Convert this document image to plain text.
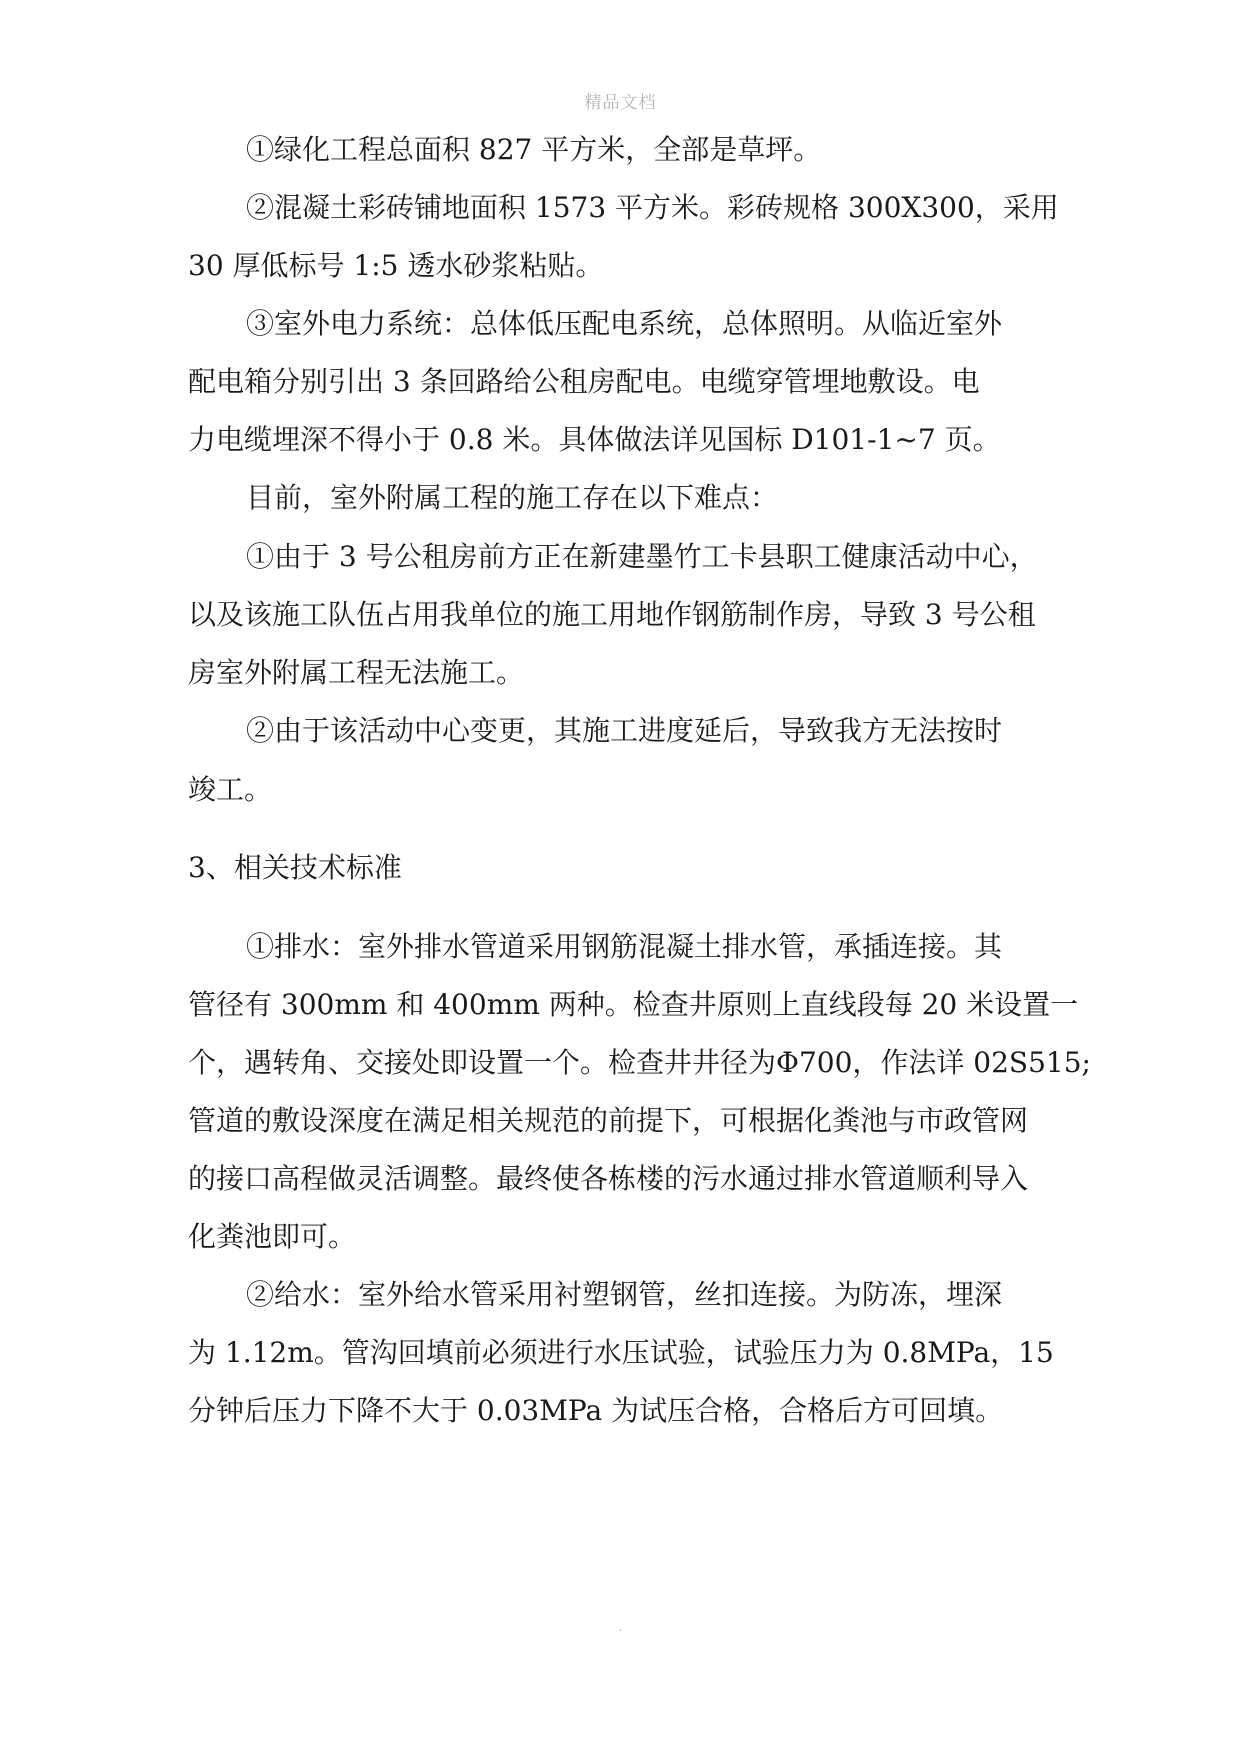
精品文档
①绿化工程总面积 827 平方米，全部是草坪。
②混凝土彩砖铺地面积 1573 平方米。彩砖规格 300X300，采用
30 厚低标号 1:5 透水砂浆粘贴。
③室外电力系统：总体低压配电系统，总体照明。从临近室外
配电箱分别引出 3 条回路给公租房配电。电缆穿管埋地敷设。电
力电缆埋深不得小于 0.8 米。具体做法详见国标 D101-1~7 页。
目前，室外附属工程的施工存在以下难点：
①由于 3 号公租房前方正在新建墨竹工卡县职工健康活动中心，
以及该施工队伍占用我单位的施工用地作钢筋制作房，导致 3 号公租
房室外附属工程无法施工。
②由于该活动中心变更，其施工进度延后，导致我方无法按时
竣工。
3、相关技术标准
①排水：室外排水管道采用钢筋混凝土排水管，承插连接。其
管径有 300mm 和 400mm 两种。检查井原则上直线段每 20 米设置一
个，遇转角、交接处即设置一个。检查井井径为Φ700，作法详 02S515;
管道的敷设深度在满足相关规范的前提下，可根据化粪池与市政管网
的接口高程做灵活调整。最终使各栋楼的污水通过排水管道顺利导入
化粪池即可。
②给水：室外给水管采用衬塑钢管，丝扣连接。为防冻，埋深
为 1.12m。管沟回填前必须进行水压试验，试验压力为 0.8MPa，15
分钟后压力下降不大于 0.03MPa 为试压合格，合格后方可回填。
.
